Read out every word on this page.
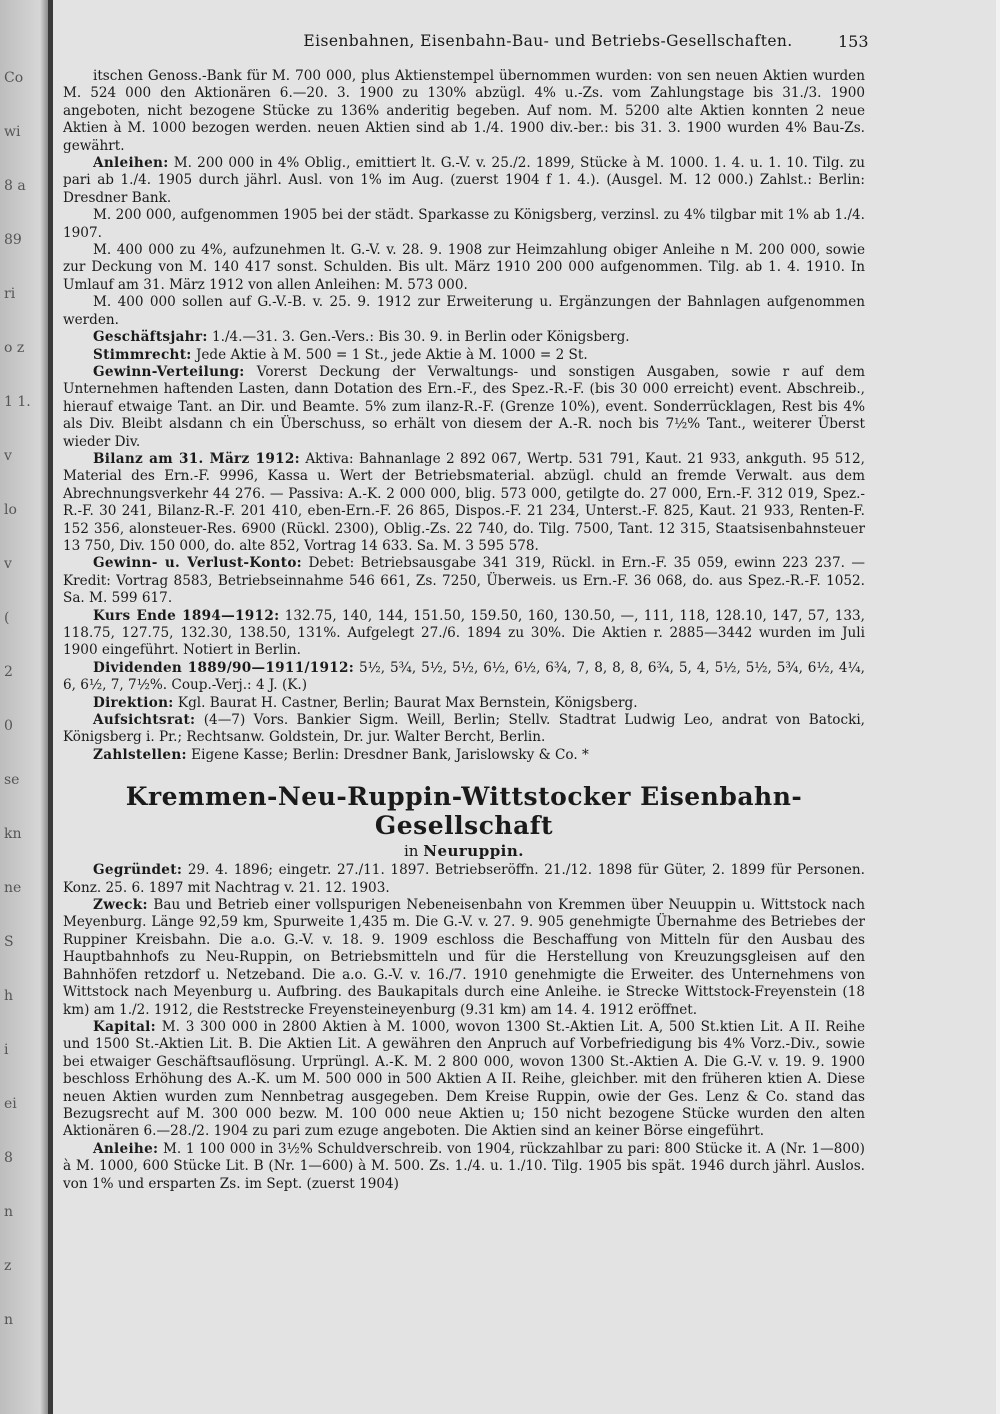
Co
wi
8 a
89
ri
o z
1 1.
v
lo
v
(
2
0
se
kn
ne
S
h
i
ei
8
n
z
n
Eisenbahnen, Eisenbahn-Bau- und Betriebs-Gesellschaften.	153

itschen Genoss.-Bank für M. 700 000, plus Aktienstempel übernommen wurden: von sen neuen Aktien wurden M. 524 000 den Aktionären 6.—20. 3. 1900 zu 130% abzügl. 4% u.-Zs. vom Zahlungstage bis 31./3. 1900 angeboten, nicht bezogene Stücke zu 136% anderitig begeben. Auf nom. M. 5200 alte Aktien konnten 2 neue Aktien à M. 1000 bezogen werden. neuen Aktien sind ab 1./4. 1900 div.-ber.: bis 31. 3. 1900 wurden 4% Bau-Zs. gewährt.

Anleihen: M. 200 000 in 4% Oblig., emittiert lt. G.-V. v. 25./2. 1899, Stücke à M. 1000. 1. 4. u. 1. 10. Tilg. zu pari ab 1./4. 1905 durch jährl. Ausl. von 1% im Aug. (zuerst 1904 f 1. 4.). (Ausgel. M. 12 000.) Zahlst.: Berlin: Dresdner Bank.

M. 200 000, aufgenommen 1905 bei der städt. Sparkasse zu Königsberg, verzinsl. zu 4% tilgbar mit 1% ab 1./4. 1907.

M. 400 000 zu 4%, aufzunehmen lt. G.-V. v. 28. 9. 1908 zur Heimzahlung obiger Anleihe n M. 200 000, sowie zur Deckung von M. 140 417 sonst. Schulden. Bis ult. März 1910 200 000 aufgenommen. Tilg. ab 1. 4. 1910. In Umlauf am 31. März 1912 von allen Anleihen: M. 573 000.

M. 400 000 sollen auf G.-V.-B. v. 25. 9. 1912 zur Erweiterung u. Ergänzungen der Bahnlagen aufgenommen werden.

Geschäftsjahr: 1./4.—31. 3. Gen.-Vers.: Bis 30. 9. in Berlin oder Königsberg.

Stimmrecht: Jede Aktie à M. 500 = 1 St., jede Aktie à M. 1000 = 2 St.

Gewinn-Verteilung: Vorerst Deckung der Verwaltungs- und sonstigen Ausgaben, sowie r auf dem Unternehmen haftenden Lasten, dann Dotation des Ern.-F., des Spez.-R.-F. (bis 30 000 erreicht) event. Abschreib., hierauf etwaige Tant. an Dir. und Beamte. 5% zum ilanz-R.-F. (Grenze 10%), event. Sonderrücklagen, Rest bis 4% als Div. Bleibt alsdann ch ein Überschuss, so erhält von diesem der A.-R. noch bis 7½% Tant., weiterer Überst wieder Div.

Bilanz am 31. März 1912: Aktiva: Bahnanlage 2 892 067, Wertp. 531 791, Kaut. 21 933, ankguth. 95 512, Material des Ern.-F. 9996, Kassa u. Wert der Betriebsmaterial. abzügl. chuld an fremde Verwalt. aus dem Abrechnungsverkehr 44 276. — Passiva: A.-K. 2 000 000, blig. 573 000, getilgte do. 27 000, Ern.-F. 312 019, Spez.-R.-F. 30 241, Bilanz-R.-F. 201 410, eben-Ern.-F. 26 865, Dispos.-F. 21 234, Unterst.-F. 825, Kaut. 21 933, Renten-F. 152 356, alonsteuer-Res. 6900 (Rückl. 2300), Oblig.-Zs. 22 740, do. Tilg. 7500, Tant. 12 315, Staatsisenbahnsteuer 13 750, Div. 150 000, do. alte 852, Vortrag 14 633. Sa. M. 3 595 578.

Gewinn- u. Verlust-Konto: Debet: Betriebsausgabe 341 319, Rückl. in Ern.-F. 35 059, ewinn 223 237. — Kredit: Vortrag 8583, Betriebseinnahme 546 661, Zs. 7250, Überweis. us Ern.-F. 36 068, do. aus Spez.-R.-F. 1052. Sa. M. 599 617.

Kurs Ende 1894—1912: 132.75, 140, 144, 151.50, 159.50, 160, 130.50, —, 111, 118, 128.10, 147, 57, 133, 118.75, 127.75, 132.30, 138.50, 131%. Aufgelegt 27./6. 1894 zu 30%. Die Aktien r. 2885—3442 wurden im Juli 1900 eingeführt. Notiert in Berlin.

Dividenden 1889/90—1911/1912: 5½, 5¾, 5½, 5½, 6½, 6½, 6¾, 7, 8, 8, 8, 6¾, 5, 4, 5½, 5½, 5¾, 6½, 4¼, 6, 6½, 7, 7½%. Coup.-Verj.: 4 J. (K.)

Direktion: Kgl. Baurat H. Castner, Berlin; Baurat Max Bernstein, Königsberg.

Aufsichtsrat: (4—7) Vors. Bankier Sigm. Weill, Berlin; Stellv. Stadtrat Ludwig Leo, andrat von Batocki, Königsberg i. Pr.; Rechtsanw. Goldstein, Dr. jur. Walter Bercht, Berlin.

Zahlstellen: Eigene Kasse; Berlin: Dresdner Bank, Jarislowsky & Co. *

Kremmen-Neu-Ruppin-Wittstocker Eisenbahn-Gesellschaft
in Neuruppin.

Gegründet: 29. 4. 1896; eingetr. 27./11. 1897. Betriebseröffn. 21./12. 1898 für Güter, 2. 1899 für Personen. Konz. 25. 6. 1897 mit Nachtrag v. 21. 12. 1903.

Zweck: Bau und Betrieb einer vollspurigen Nebeneisenbahn von Kremmen über Neuuppin u. Wittstock nach Meyenburg. Länge 92,59 km, Spurweite 1,435 m. Die G.-V. v. 27. 9. 905 genehmigte Übernahme des Betriebes der Ruppiner Kreisbahn. Die a.o. G.-V. v. 18. 9. 1909 eschloss die Beschaffung von Mitteln für den Ausbau des Hauptbahnhofs zu Neu-Ruppin, on Betriebsmitteln und für die Herstellung von Kreuzungsgleisen auf den Bahnhöfen retzdorf u. Netzeband. Die a.o. G.-V. v. 16./7. 1910 genehmigte die Erweiter. des Unternehmens von Wittstock nach Meyenburg u. Aufbring. des Baukapitals durch eine Anleihe. ie Strecke Wittstock-Freyenstein (18 km) am 1./2. 1912, die Reststrecke Freyensteineyenburg (9.31 km) am 14. 4. 1912 eröffnet.

Kapital: M. 3 300 000 in 2800 Aktien à M. 1000, wovon 1300 St.-Aktien Lit. A, 500 St.ktien Lit. A II. Reihe und 1500 St.-Aktien Lit. B. Die Aktien Lit. A gewähren den Anpruch auf Vorbefriedigung bis 4% Vorz.-Div., sowie bei etwaiger Geschäftsauflösung. Urprüngl. A.-K. M. 2 800 000, wovon 1300 St.-Aktien A. Die G.-V. v. 19. 9. 1900 beschloss Erhöhung des A.-K. um M. 500 000 in 500 Aktien A II. Reihe, gleichber. mit den früheren ktien A. Diese neuen Aktien wurden zum Nennbetrag ausgegeben. Dem Kreise Ruppin, owie der Ges. Lenz & Co. stand das Bezugsrecht auf M. 300 000 bezw. M. 100 000 neue Aktien u; 150 nicht bezogene Stücke wurden den alten Aktionären 6.—28./2. 1904 zu pari zum ezuge angeboten. Die Aktien sind an keiner Börse eingeführt.

Anleihe: M. 1 100 000 in 3½% Schuldverschreib. von 1904, rückzahlbar zu pari: 800 Stücke it. A (Nr. 1—800) à M. 1000, 600 Stücke Lit. B (Nr. 1—600) à M. 500. Zs. 1./4. u. 1./10. Tilg. 1905 bis spät. 1946 durch jährl. Auslos. von 1% und ersparten Zs. im Sept. (zuerst 1904)
